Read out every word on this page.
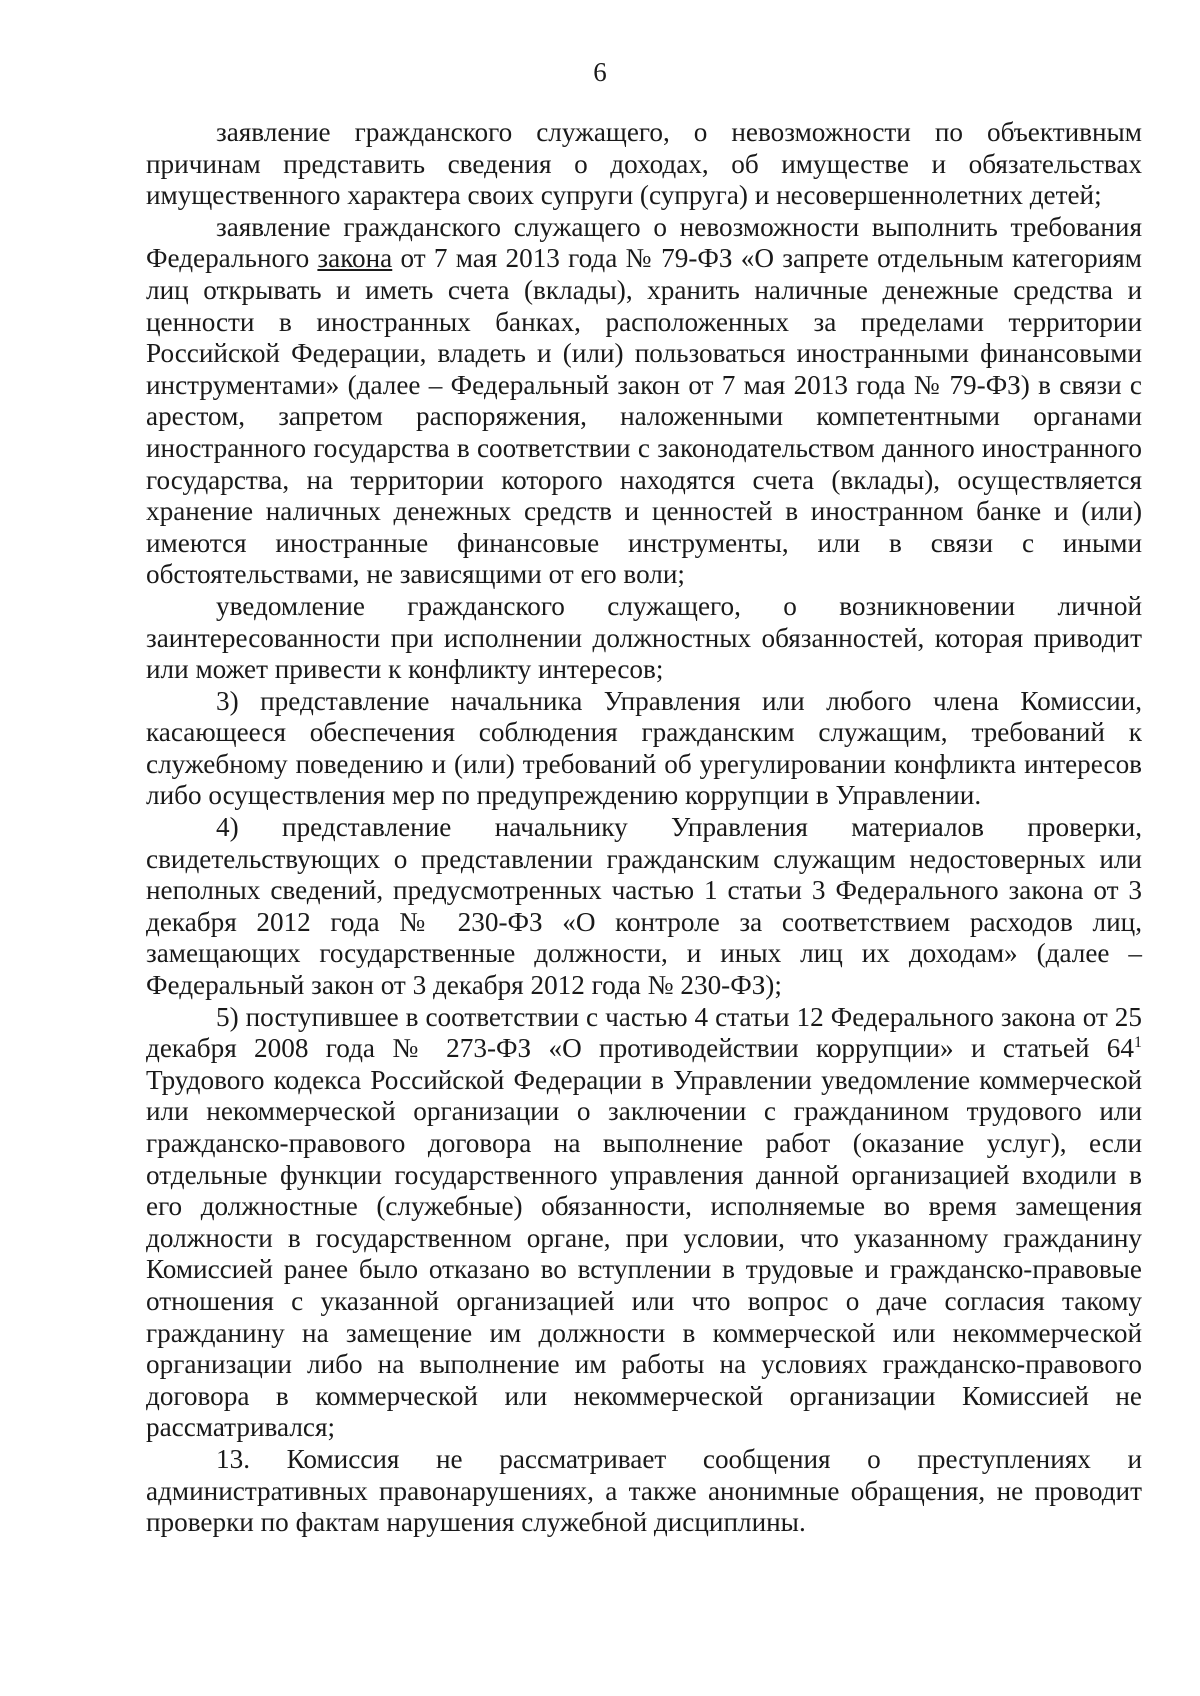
6

заявление гражданского служащего, о невозможности по объективным причинам представить сведения о доходах, об имуществе и обязательствах имущественного характера своих супруги (супруга) и несовершеннолетних детей;

заявление гражданского служащего о невозможности выполнить требования Федерального закона от 7 мая 2013 года № 79-ФЗ «О запрете отдельным категориям лиц открывать и иметь счета (вклады), хранить наличные денежные средства и ценности в иностранных банках, расположенных за пределами территории Российской Федерации, владеть и (или) пользоваться иностранными финансовыми инструментами» (далее – Федеральный закон от 7 мая 2013 года № 79-ФЗ) в связи с арестом, запретом распоряжения, наложенными компетентными органами иностранного государства в соответствии с законодательством данного иностранного государства, на территории которого находятся счета (вклады), осуществляется хранение наличных денежных средств и ценностей в иностранном банке и (или) имеются иностранные финансовые инструменты, или в связи с иными обстоятельствами, не зависящими от его воли;

уведомление гражданского служащего, о возникновении личной заинтересованности при исполнении должностных обязанностей, которая приводит или может привести к конфликту интересов;

3) представление начальника Управления или любого члена Комиссии, касающееся обеспечения соблюдения гражданским служащим, требований к служебному поведению и (или) требований об урегулировании конфликта интересов либо осуществления мер по предупреждению коррупции в Управлении.

4) представление начальнику Управления материалов проверки, свидетельствующих о представлении гражданским служащим недостоверных или неполных сведений, предусмотренных частью 1 статьи 3 Федерального закона от 3 декабря 2012 года № 230-ФЗ «О контроле за соответствием расходов лиц, замещающих государственные должности, и иных лиц их доходам» (далее – Федеральный закон от 3 декабря 2012 года № 230-ФЗ);

5) поступившее в соответствии с частью 4 статьи 12 Федерального закона от 25 декабря 2008 года № 273-ФЗ «О противодействии коррупции» и статьей $64^1$ Трудового кодекса Российской Федерации в Управлении уведомление коммерческой или некоммерческой организации о заключении с гражданином трудового или гражданско-правового договора на выполнение работ (оказание услуг), если отдельные функции государственного управления данной организацией входили в его должностные (служебные) обязанности, исполняемые во время замещения должности в государственном органе, при условии, что указанному гражданину Комиссией ранее было отказано во вступлении в трудовые и гражданско-правовые отношения с указанной организацией или что вопрос о даче согласия такому гражданину на замещение им должности в коммерческой или некоммерческой организации либо на выполнение им работы на условиях гражданско-правового договора в коммерческой или некоммерческой организации Комиссией не рассматривался;

13. Комиссия не рассматривает сообщения о преступлениях и административных правонарушениях, а также анонимные обращения, не проводит проверки по фактам нарушения служебной дисциплины.
